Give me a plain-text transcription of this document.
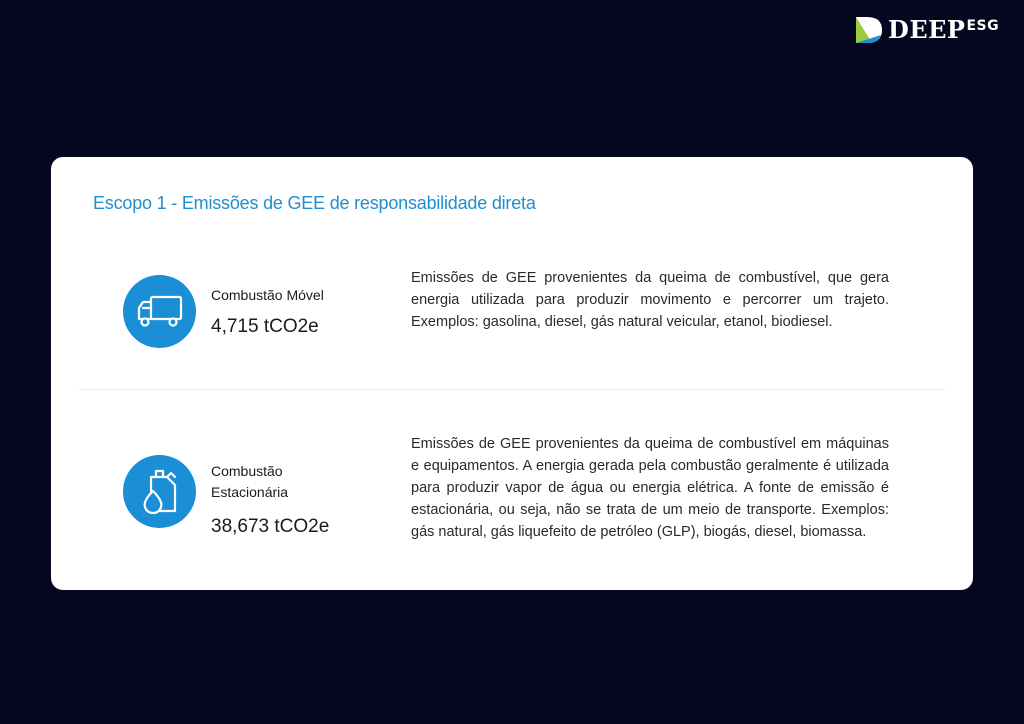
DEEP ESG
Escopo 1 - Emissões de GEE de responsabilidade direta
Combustão Móvel
4,715 tCO2e

Emissões de GEE provenientes da queima de combustível, que gera energia utilizada para produzir movimento e percorrer um trajeto. Exemplos: gasolina, diesel, gás natural veicular, etanol, biodiesel.

Combustão Estacionária
38,673 tCO2e

Emissões de GEE provenientes da queima de combustível em máquinas e equipamentos. A energia gerada pela combustão geralmente é utilizada para produzir vapor de água ou energia elétrica. A fonte de emissão é estacionária, ou seja, não se trata de um meio de transporte. Exemplos: gás natural, gás liquefeito de petróleo (GLP), biogás, diesel, biomassa.
